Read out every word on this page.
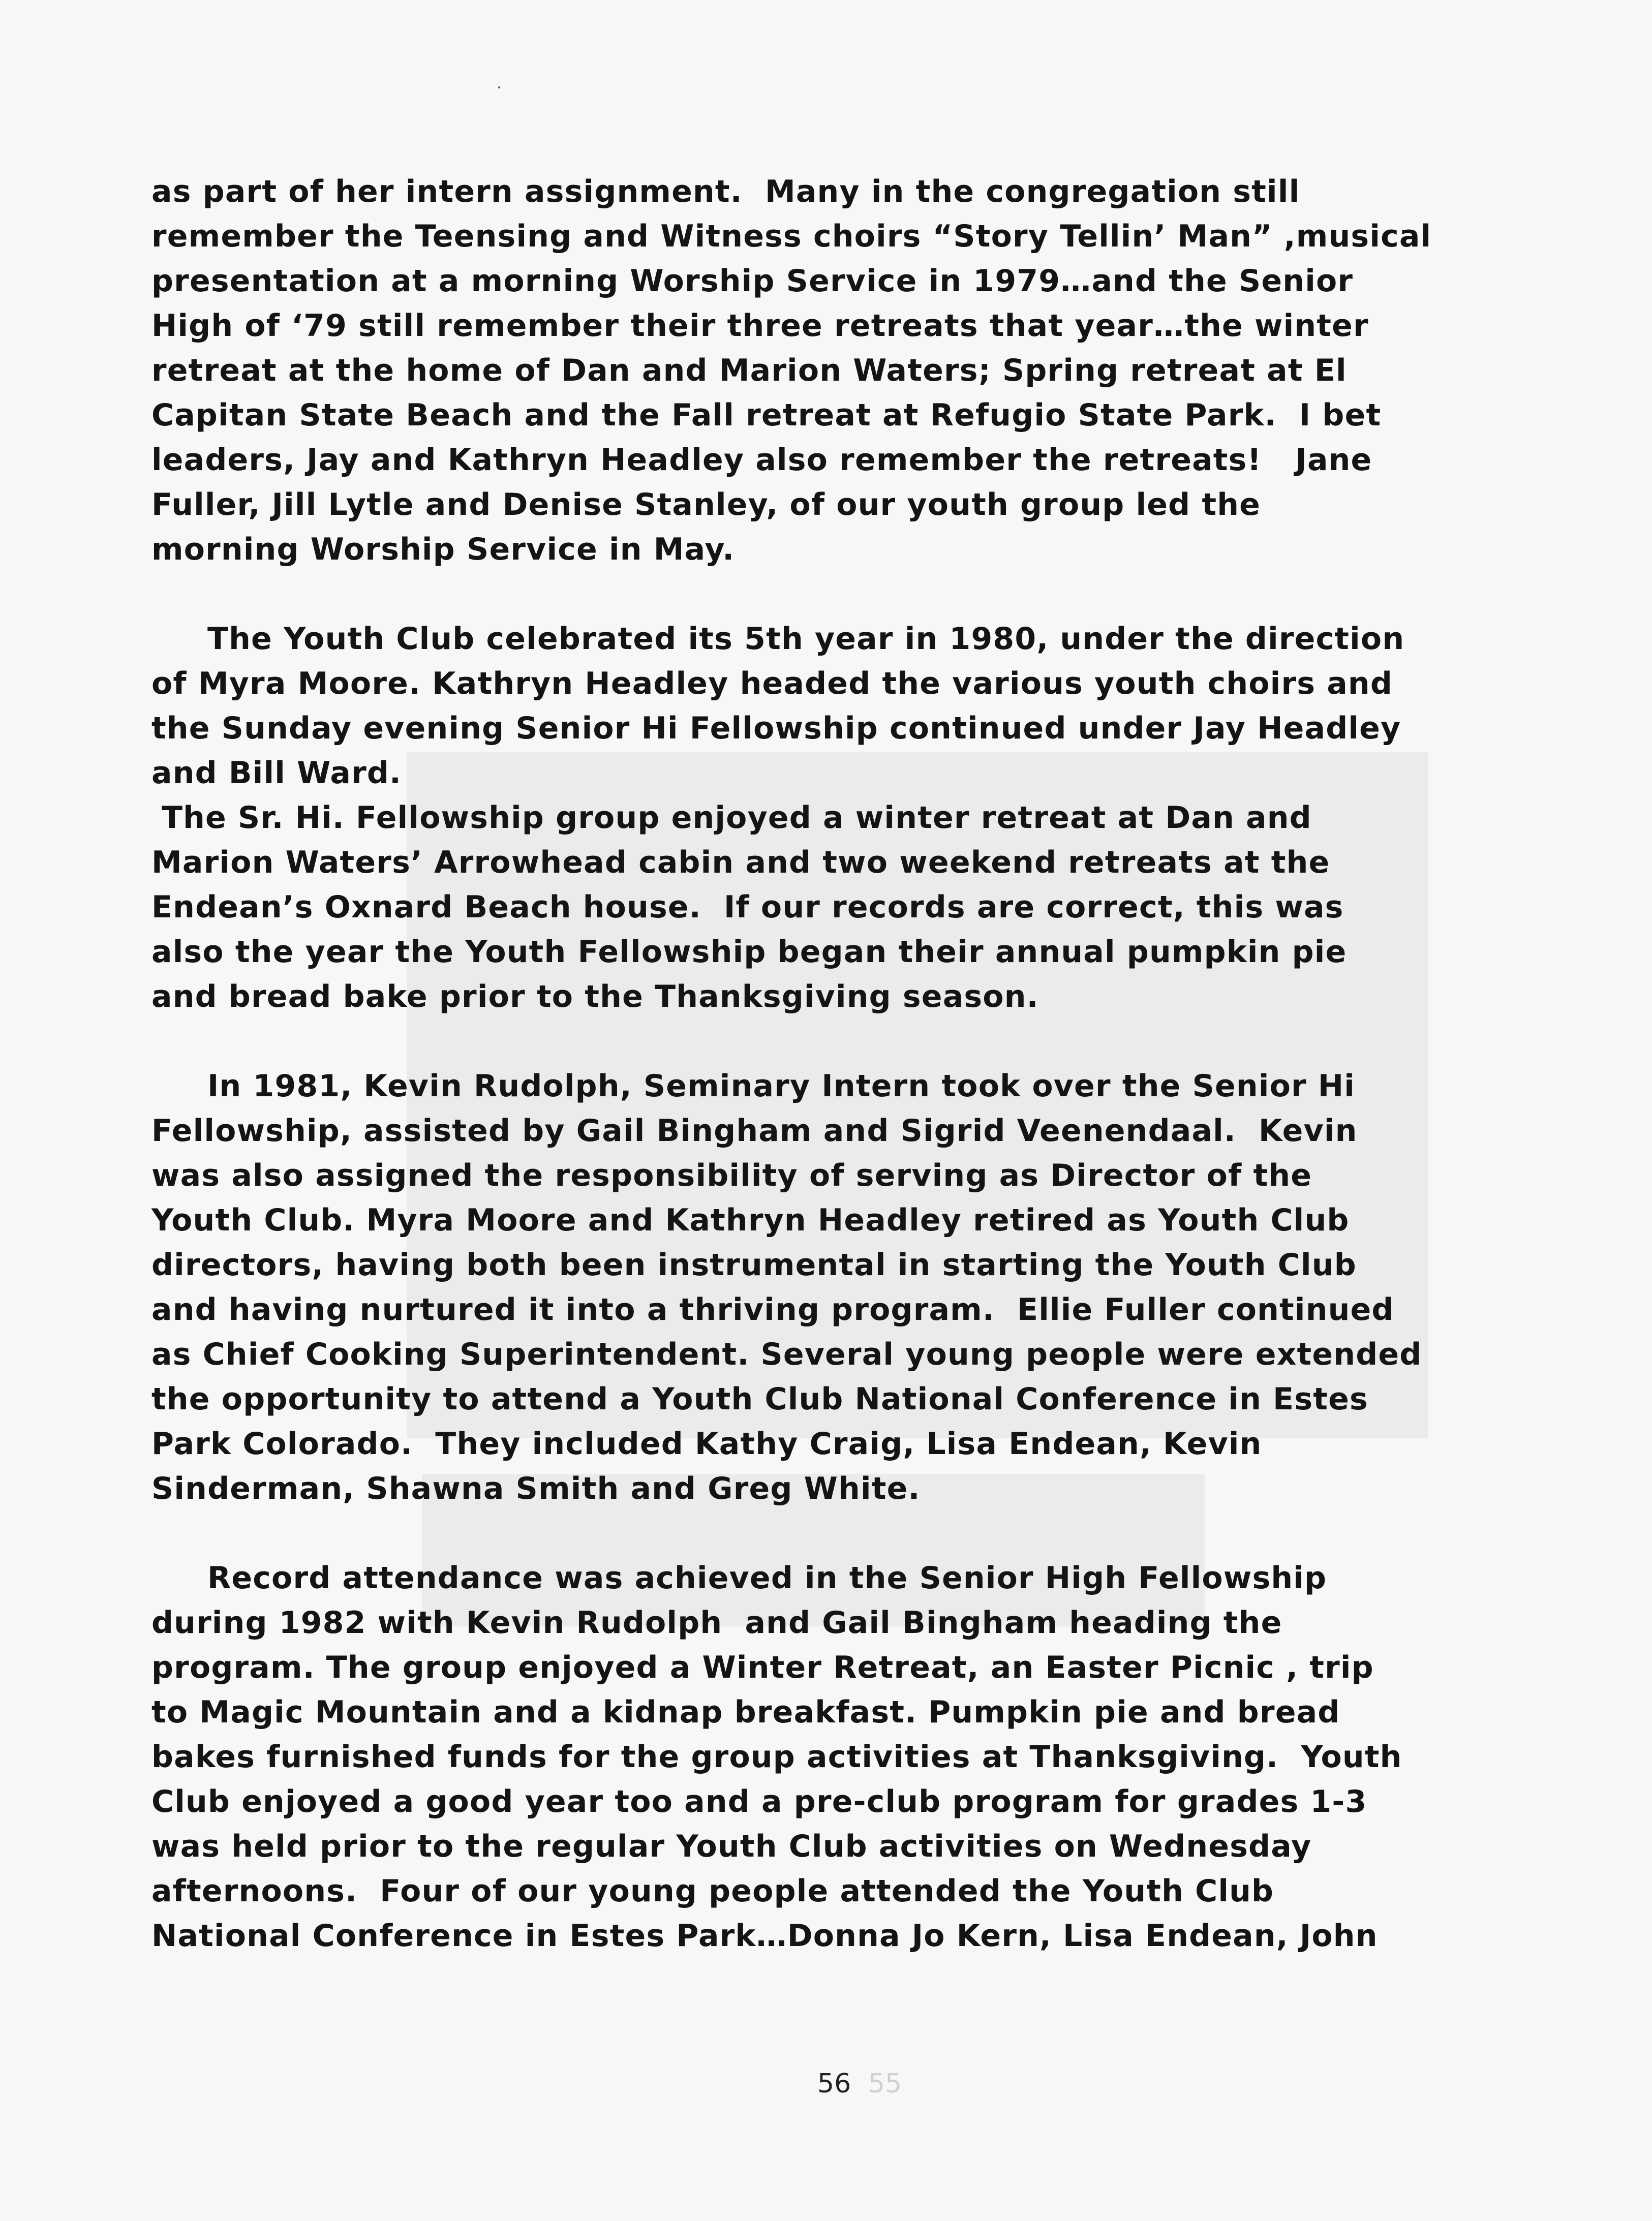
as part of her intern assignment.  Many in the congregation still
remember the Teensing and Witness choirs “Story Tellin’ Man” ,musical
presentation at a morning Worship Service in 1979…and the Senior
High of ‘79 still remember their three retreats that year…the winter
retreat at the home of Dan and Marion Waters; Spring retreat at El
Capitan State Beach and the Fall retreat at Refugio State Park.  I bet
leaders, Jay and Kathryn Headley also remember the retreats!   Jane
Fuller, Jill Lytle and Denise Stanley, of our youth group led the
morning Worship Service in May.
The Youth Club celebrated its 5th year in 1980, under the direction
of Myra Moore. Kathryn Headley headed the various youth choirs and
the Sunday evening Senior Hi Fellowship continued under Jay Headley
and Bill Ward.
The Sr. Hi. Fellowship group enjoyed a winter retreat at Dan and
Marion Waters’ Arrowhead cabin and two weekend retreats at the
Endean’s Oxnard Beach house.  If our records are correct, this was
also the year the Youth Fellowship began their annual pumpkin pie
and bread bake prior to the Thanksgiving season.
In 1981, Kevin Rudolph, Seminary Intern took over the Senior Hi
Fellowship, assisted by Gail Bingham and Sigrid Veenendaal.  Kevin
was also assigned the responsibility of serving as Director of the
Youth Club. Myra Moore and Kathryn Headley retired as Youth Club
directors, having both been instrumental in starting the Youth Club
and having nurtured it into a thriving program.  Ellie Fuller continued
as Chief Cooking Superintendent. Several young people were extended
the opportunity to attend a Youth Club National Conference in Estes
Park Colorado.  They included Kathy Craig, Lisa Endean, Kevin
Sinderman, Shawna Smith and Greg White.
Record attendance was achieved in the Senior High Fellowship
during 1982 with Kevin Rudolph  and Gail Bingham heading the
program. The group enjoyed a Winter Retreat, an Easter Picnic , trip
to Magic Mountain and a kidnap breakfast. Pumpkin pie and bread
bakes furnished funds for the group activities at Thanksgiving.  Youth
Club enjoyed a good year too and a pre-club program for grades 1-3
was held prior to the regular Youth Club activities on Wednesday
afternoons.  Four of our young people attended the Youth Club
National Conference in Estes Park…Donna Jo Kern, Lisa Endean, John
56 55
